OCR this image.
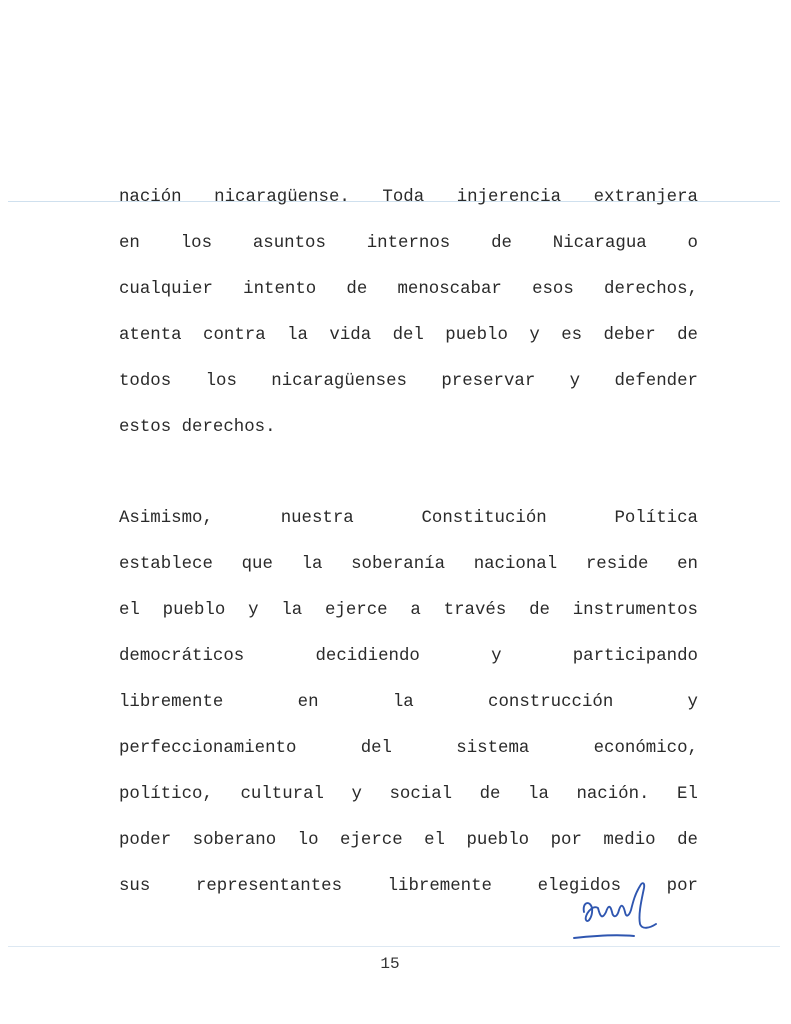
nación nicaragüense. Toda injerencia extranjera
en los asuntos internos de Nicaragua o
cualquier intento de menoscabar esos derechos,
atenta contra la vida del pueblo y es deber de
todos los nicaragüenses preservar y defender
estos derechos.
Asimismo,	nuestra	Constitución	Política
establece que la soberanía nacional reside en
el pueblo y la ejerce a través de instrumentos
democráticos	decidiendo	y	participando
libremente	en	la	construcción	y
perfeccionamiento	del	sistema	económico,
político, cultural y social de la nación. El
poder soberano lo ejerce el pueblo por medio de
sus	representantes	libremente	elegidos	por
15
